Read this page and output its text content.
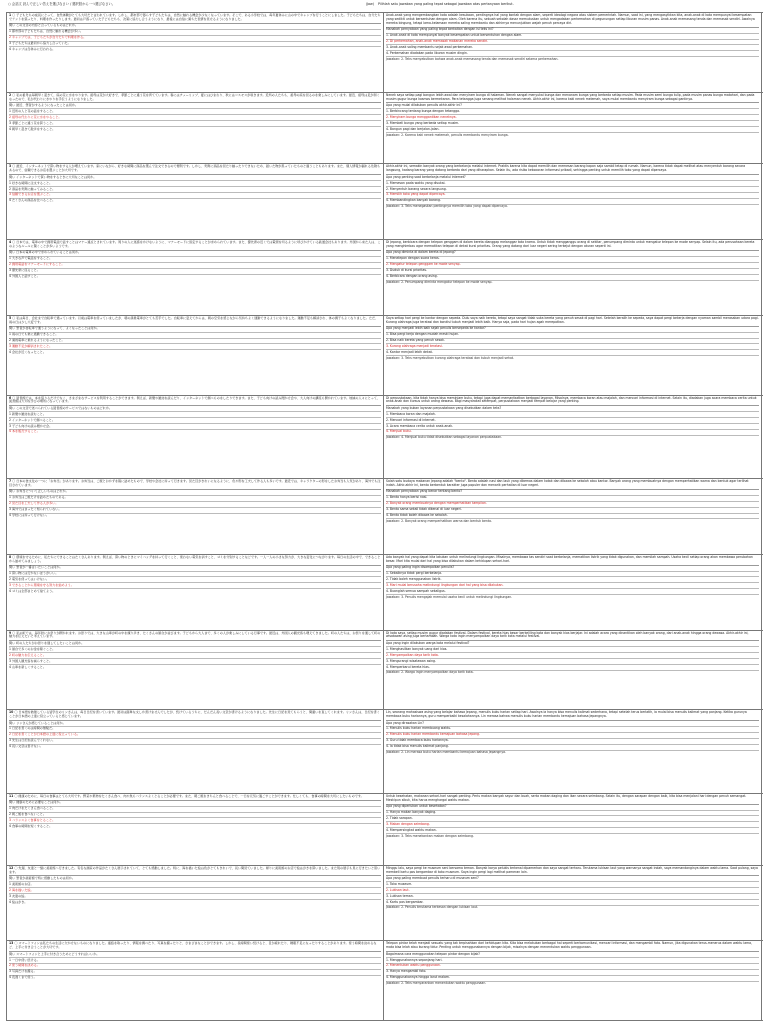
○ 会話文 読んで正しい答えを選びなさい / 選択肢から一つ選びなさい。	(Jaw)	Pilihlah satu jawaban yang paling tepat sebagai jawaban atas pertanyaan berikut.
1〇 子どもたちの成長にとって、自然体験がとても大切だと言われています。しかし、都市部で暮らす子どもたちは、自然に触れる機会が少なくなっています。そこで、ある小学校では、毎年夏休みに山の中でキャンプを行うことにしました。子どもたちは、自分たちでテントを張ったり、料理を作ったりします。最初は戸惑っていた子どもたちも、次第に協力し合うようになり、最後には自信に満ちた表情を見せるようになりました。
問い この文章の内容と合っているものはどれか。
1 都市部の子どもたちは、自然に触れる機会が多い。
2 キャンプでは、子どもたちが自分たちで料理を作る。
3 子どもたちは最初から協力し合っていた。
4 キャンプは冬休みに行われる。
Anak-anak yang mengembangkan kota adalah kesukaan, pentingnya hal yang kontak dengan alam, seperti ideologi negara atau sistem pemerintah. Namun, saat ini, yang mengasyikkan kita, anak-anak di kota mempunyai kesempatan yang sedikit untuk bersentuhan dengan alam. Oleh karena itu, sebuah sekolah dasar memutuskan untuk mengadakan perkemahan di pegunungan setiap liburan musim panas. Anak-anak memasang tenda dan memasak sendiri. Awalnya mereka bingung, tetapi lama-kelamaan mereka saling membantu dan akhirnya menunjukkan wajah penuh percaya diri.
Manakah pernyataan yang paling tepat berkaitan dengan isi teks ini?
1. Anak-anak di kota mempunyai banyak kesempatan untuk bersentuhan dengan alam.
2. Di perkemahan, anak-anak memasak makanan mereka sendiri.
3. Anak-anak saling membantu sejak awal perkemahan.
4. Perkemahan diadakan pada liburan musim dingin.
Jawaban: 2. Teks menyebutkan bahwa anak-anak memasang tenda dan memasak sendiri selama perkemahan.
2〇 私の祖母は毎朝早く起きて、庭の花に水をやります。祖母は花が大好きで、季節ごとに違う花を育てています。春にはチューリップ、夏にはひまわり、秋にはコスモスが咲きます。近所の人たちも、祖母の庭を見るのを楽しみにしています。最近、祖母は足が弱くなったので、私が代わりに水やりを手伝うようになりました。
問い 最近、筆者がするようになったことは何か。
1 近所の人と花の話をすること。
2 祖母の代わりに花に水をやること。
3 季節ごとに違う花を買うこと。
4 朝早く起きて散歩をすること。
Nenek saya setiap pagi bangun lebih awal dan menyiram bunga di halaman. Nenek sangat menyukai bunga dan menanam bunga yang berbeda setiap musim. Pada musim semi bunga tulip, pada musim panas bunga matahari, dan pada musim gugur bunga kosmos bermekaran. Para tetangga juga senang melihat halaman nenek. Akhir-akhir ini, karena kaki nenek melemah, saya mulai membantu menyiram bunga sebagai gantinya.
Apa yang mulai dilakukan penulis akhir-akhir ini?
1. Berbincang tentang bunga dengan tetangga.
2. Menyiram bunga menggantikan neneknya.
3. Membeli bunga yang berbeda setiap musim.
4. Bangun pagi dan berjalan-jalan.
Jawaban: 2. Karena kaki nenek melemah, penulis membantu menyiram bunga.
3〇 最近、インターネットで買い物をする人が増えています。家にいながら、好きな時間に商品を選んで注文できるので便利です。しかし、実際に商品を見たり触ったりできないため、届いた物が思っていたものと違うこともあります。また、個人情報が漏れる危険もあるので、信頼できるお店を選ぶことが大切です。
問い インターネットで買い物をするときに大切なことは何か。
1 好きな時間に注文すること。
2 商品を実際に触ってみること。
3 信頼できるお店を選ぶこと。
4 たくさんの商品を比べること。
Akhir-akhir ini, semakin banyak orang yang berbelanja melalui internet. Praktis karena kita dapat memilih dan memesan barang kapan saja sambil tetap di rumah. Namun, karena tidak dapat melihat atau menyentuh barang secara langsung, kadang barang yang datang berbeda dari yang diharapkan. Selain itu, ada risiko kebocoran informasi pribadi, sehingga penting untuk memilih toko yang dapat dipercaya.
Apa yang penting saat berbelanja melalui internet?
1. Memesan pada waktu yang disukai.
2. Menyentuh barang secara langsung.
3. Memilih toko yang dapat dipercaya.
4. Membandingkan banyak barang.
Jawaban: 3. Teks menegaskan pentingnya memilih toko yang dapat dipercaya.
4〇 日本では、電車の中で携帯電話で話すことはマナー違反とされています。周りの人に迷惑をかけないように、マナーモードに設定することが求められています。また、優先席の近くでは電源を切るように呼びかけている鉄道会社もあります。外国から来た人は、このようなルールに驚くことが多いようです。
問い 日本の電車の中で求められていることは何か。
1 大きな声で電話をすること。
2 携帯電話をマナーモードにすること。
3 優先席に座ること。
4 外国人と話すこと。
Di Jepang, berbicara dengan telepon genggam di dalam kereta dianggap melanggar tata krama. Untuk tidak mengganggu orang di sekitar, penumpang diminta untuk mengatur telepon ke mode senyap. Selain itu, ada perusahaan kereta yang menghimbau agar mematikan telepon di dekat kursi prioritas. Orang yang datang dari luar negeri sering terkejut dengan aturan seperti ini.
Apa yang diminta di dalam kereta di Jepang?
1. Menelepon dengan suara keras.
2. Mengatur telepon genggam ke mode senyap.
3. Duduk di kursi prioritas.
4. Berbicara dengan orang asing.
Jawaban: 2. Penumpang diminta mengatur telepon ke mode senyap.
5〇 私は毎日、会社まで自転車で通っています。以前は電車を使っていましたが、朝の満員電車がとても苦手でした。自転車に変えてからは、朝の空気を感じながら気持ちよく通勤できるようになりました。運動不足も解消され、体の調子もよくなりました。ただ、雨の日は少し大変です。
問い 筆者が自転車で通うようになって、よくなったことは何か。
1 雨の日でも楽に通勤できること。
2 満員電車に乗れるようになったこと。
3 運動不足が解消されたこと。
4 会社が近くなったこと。
Saya setiap hari pergi ke kantor dengan sepeda. Dulu saya naik kereta, tetapi saya sangat tidak suka kereta yang penuh sesak di pagi hari. Setelah beralih ke sepeda, saya dapat pergi bekerja dengan nyaman sambil merasakan udara pagi. Kurang olahraga juga teratasi dan kondisi tubuh menjadi lebih baik. Hanya saja, pada hari hujan agak merepotkan.
Apa yang menjadi lebih baik sejak penulis bersepeda ke kantor?
1. Bisa pergi kerja dengan mudah meski hujan.
2. Bisa naik kereta yang penuh sesak.
3. Kurang olahraga menjadi teratasi.
4. Kantor menjadi lebih dekat.
Jawaban: 3. Teks menyebutkan kurang olahraga teratasi dan tubuh menjadi sehat.
6〇 図書館では、本を借りるだけでなく、さまざまなサービスを利用することができます。例えば、新聞や雑誌を読んだり、インターネットで調べものをしたりできます。また、子ども向けの読み聞かせ会や、大人向けの講座も開かれています。地域の人々にとって、図書館は大切な学びの場所になっています。
問い この文章で述べられている図書館のサービスではないものはどれか。
1 新聞や雑誌を読むこと。
2 インターネットで調べること。
3 子ども向けの読み聞かせ会。
4 本を販売すること。
Di perpustakaan, kita tidak hanya bisa meminjam buku, tetapi juga dapat memanfaatkan berbagai layanan. Misalnya, membaca koran atau majalah, dan mencari informasi di internet. Selain itu, diadakan juga acara membaca cerita untuk anak-anak dan kursus untuk orang dewasa. Bagi masyarakat setempat, perpustakaan menjadi tempat belajar yang penting.
Manakah yang bukan layanan perpustakaan yang disebutkan dalam teks?
1. Membaca koran dan majalah.
2. Mencari informasi di internet.
3. Acara membaca cerita untuk anak-anak.
4. Menjual buku.
Jawaban: 4. Menjual buku tidak disebutkan sebagai layanan perpustakaan.
7〇 日本の食文化の一つに「お弁当」があります。お弁当は、ご飯とおかずを箱に詰めたもので、学校や会社に持って行きます。見た目がきれいになるように、色や形を工夫して作る人も多いです。最近では、キャラクターの形をしたお弁当も人気があり、海外でも注目されています。
問い お弁当について正しいものはどれか。
1 お弁当はご飯だけを詰めたものである。
2 見た目を工夫して作る人が多い。
3 海外ではまったく知られていない。
4 学校には持って行けない。
Salah satu budaya makanan Jepang adalah "bento". Bento adalah nasi dan lauk yang dikemas dalam kotak dan dibawa ke sekolah atau kantor. Banyak orang yang membuatnya dengan memperhatikan warna dan bentuk agar terlihat indah. Akhir-akhir ini, bento berbentuk karakter juga populer dan menarik perhatian di luar negeri.
Manakah pernyataan yang benar tentang bento?
1. Bento hanya berisi nasi.
2. Banyak orang membuatnya dengan memperhatikan tampilan.
3. Bento sama sekali tidak dikenal di luar negeri.
4. Bento tidak boleh dibawa ke sekolah.
Jawaban: 2. Banyak orang memperhatikan warna dan bentuk bento.
8〇 環境を守るために、私たちにできることはたくさんあります。例えば、買い物のときにマイバッグを持って行くこと、使わない電気を消すこと、ゴミを分別することなどです。一人一人の小さな努力が、大きな変化につながります。毎日の生活の中で、できることから始めてみましょう。
問い 筆者が一番言いたいことは何か。
1 買い物には行かないほうがいい。
2 電気を使ってはいけない。
3 できることから環境を守る努力を始めよう。
4 ゴミは全部まとめて捨てよう。
Ada banyak hal yang dapat kita lakukan untuk melindungi lingkungan. Misalnya, membawa tas sendiri saat berbelanja, mematikan listrik yang tidak digunakan, dan memilah sampah. Usaha kecil setiap orang akan membawa perubahan besar. Mari kita mulai dari hal yang bisa dilakukan dalam kehidupan sehari-hari.
Apa yang paling ingin disampaikan penulis?
1. Sebaiknya tidak pergi berbelanja.
2. Tidak boleh menggunakan listrik.
3. Mari mulai berusaha melindungi lingkungan dari hal yang bisa dilakukan.
4. Buanglah semua sampah sekaligus.
Jawaban: 3. Penulis mengajak memulai usaha kecil untuk melindungi lingkungan.
9〇 私の町では、毎年秋にお祭りが開かれます。お祭りでは、大きな山車が町の中を練り歩き、たくさんの屋台が並びます。子どもから大人まで、多くの人が楽しみにしている行事です。最近は、外国人の観光客も増えてきました。町の人たちは、お祭りを通して町の魅力を伝えたいと考えています。
問い 町の人たちがお祭りを通してしたいことは何か。
1 屋台で多くのお金を稼ぐこと。
2 町の魅力を伝えること。
3 外国人観光客を減らすこと。
4 山車を新しくすること。
Di kota saya, setiap musim gugur diadakan festival. Dalam festival, kereta hias besar berkeliling kota dan banyak kios berjajar. Ini adalah acara yang dinantikan oleh banyak orang, dari anak-anak hingga orang dewasa. Akhir-akhir ini, wisatawan asing juga bertambah. Warga kota ingin menyampaikan daya tarik kota melalui festival.
Apa yang ingin dilakukan warga kota melalui festival?
1. Menghasilkan banyak uang dari kios.
2. Menyampaikan daya tarik kota.
3. Mengurangi wisatawan asing.
4. Memperbarui kereta hias.
Jawaban: 2. Warga ingin menyampaikan daya tarik kota.
10〇 日本語を勉強している留学生のリンさんは、毎日日記を書いています。最初は簡単な文しか書けませんでしたが、続けているうちに、だんだん長い文章が書けるようになりました。先生に日記を見てもらうと、間違いを直してくれます。リンさんは、日記を書くことが日本語の上達に役立っていると感じています。
問い リンさんが感じていることは何か。
1 日記を書くのは時間の無駄だ。
2 日記を書くことが日本語の上達に役立っている。
3 先生は日記を読んでくれない。
4 長い文章は書けない。
Lin, seorang mahasiswa asing yang belajar bahasa Jepang, menulis buku harian setiap hari. Awalnya ia hanya bisa menulis kalimat sederhana, tetapi setelah terus berlatih, ia mulai bisa menulis kalimat yang panjang. Ketika gurunya membaca buku hariannya, guru memperbaiki kesalahannya. Lin merasa bahwa menulis buku harian membantu kemajuan bahasa Jepangnya.
Apa yang dirasakan Lin?
1. Menulis buku harian membuang waktu.
2. Menulis buku harian membantu kemajuan bahasa Jepang.
3. Guru tidak membaca buku hariannya.
4. Ia tidak bisa menulis kalimat panjang.
Jawaban: 2. Lin merasa buku harian membantu kemajuan bahasa Jepangnya.
11〇 健康のために、毎日の食事はとても大切です。野菜や果物をたくさん食べ、肉や魚もバランスよくとることが必要です。また、朝ご飯をきちんと食べることで、一日を元気に過ごすことができます。忙しくても、食事の時間を大切にしたいものです。
問い 健康のために必要なことは何か。
1 肉だけをたくさん食べること。
2 朝ご飯を食べないこと。
3 バランスよく食事をとること。
4 食事の時間を短くすること。
Untuk kesehatan, makanan sehari-hari sangat penting. Perlu makan banyak sayur dan buah, serta makan daging dan ikan secara seimbang. Selain itu, dengan sarapan dengan baik, kita bisa menjalani hari dengan penuh semangat. Meskipun sibuk, kita harus menghargai waktu makan.
Apa yang diperlukan untuk kesehatan?
1. Hanya makan banyak daging.
2. Tidak sarapan.
3. Makan dengan seimbang.
4. Mempersingkat waktu makan.
Jawaban: 3. Teks menekankan makan dengan seimbang.
12〇 先週、友達と一緒に美術館へ行きました。有名な画家の作品がたくさん展示されていて、とても感動しました。特に、海を描いた絵は色がとてもきれいで、長い間見ていました。帰りに美術館のお店で絵はがきを買いました。また別の展示も見に行きたいと思います。
問い 筆者が美術館で特に感動したものは何か。
1 美術館のお店。
2 海を描いた絵。
3 友達の絵。
4 絵はがき。
Minggu lalu, saya pergi ke museum seni bersama teman. Banyak karya pelukis terkenal dipamerkan dan saya sangat terharu. Terutama lukisan laut yang warnanya sangat indah, saya memandanginya dalam waktu lama. Saat pulang, saya membeli kartu pos bergambar di toko museum. Saya ingin pergi lagi melihat pameran lain.
Apa yang paling membuat penulis terharu di museum seni?
1. Toko museum.
2. Lukisan laut.
3. Lukisan teman.
4. Kartu pos bergambar.
Jawaban: 2. Penulis terutama terkesan dengan lukisan laut.
13〇 スマートフォンは私たちの生活に欠かせないものになりました。連絡を取ったり、情報を調べたり、写真を撮ったりと、さまざまなことができます。しかし、長時間使い続けると、目が疲れたり、睡眠不足になったりすることがあります。使う時間を決めるなど、上手に付き合うことが大切です。
問い スマートフォンと上手に付き合うためにどうすればいいか。
1 一日中使い続ける。
2 使う時間を決める。
3 写真だけを撮る。
4 夜遅くまで使う。
Telepon pintar telah menjadi sesuatu yang tak terpisahkan dari kehidupan kita. Kita bisa melakukan berbagai hal seperti berkomunikasi, mencari informasi, dan mengambil foto. Namun, jika digunakan terus-menerus dalam waktu lama, mata bisa lelah atau kurang tidur. Penting untuk menggunakannya dengan bijak, misalnya dengan menentukan waktu penggunaan.
Bagaimana cara menggunakan telepon pintar dengan bijak?
1. Menggunakannya sepanjang hari.
2. Menentukan waktu penggunaan.
3. Hanya mengambil foto.
4. Menggunakannya hingga larut malam.
Jawaban: 2. Teks menyarankan menentukan waktu penggunaan.
